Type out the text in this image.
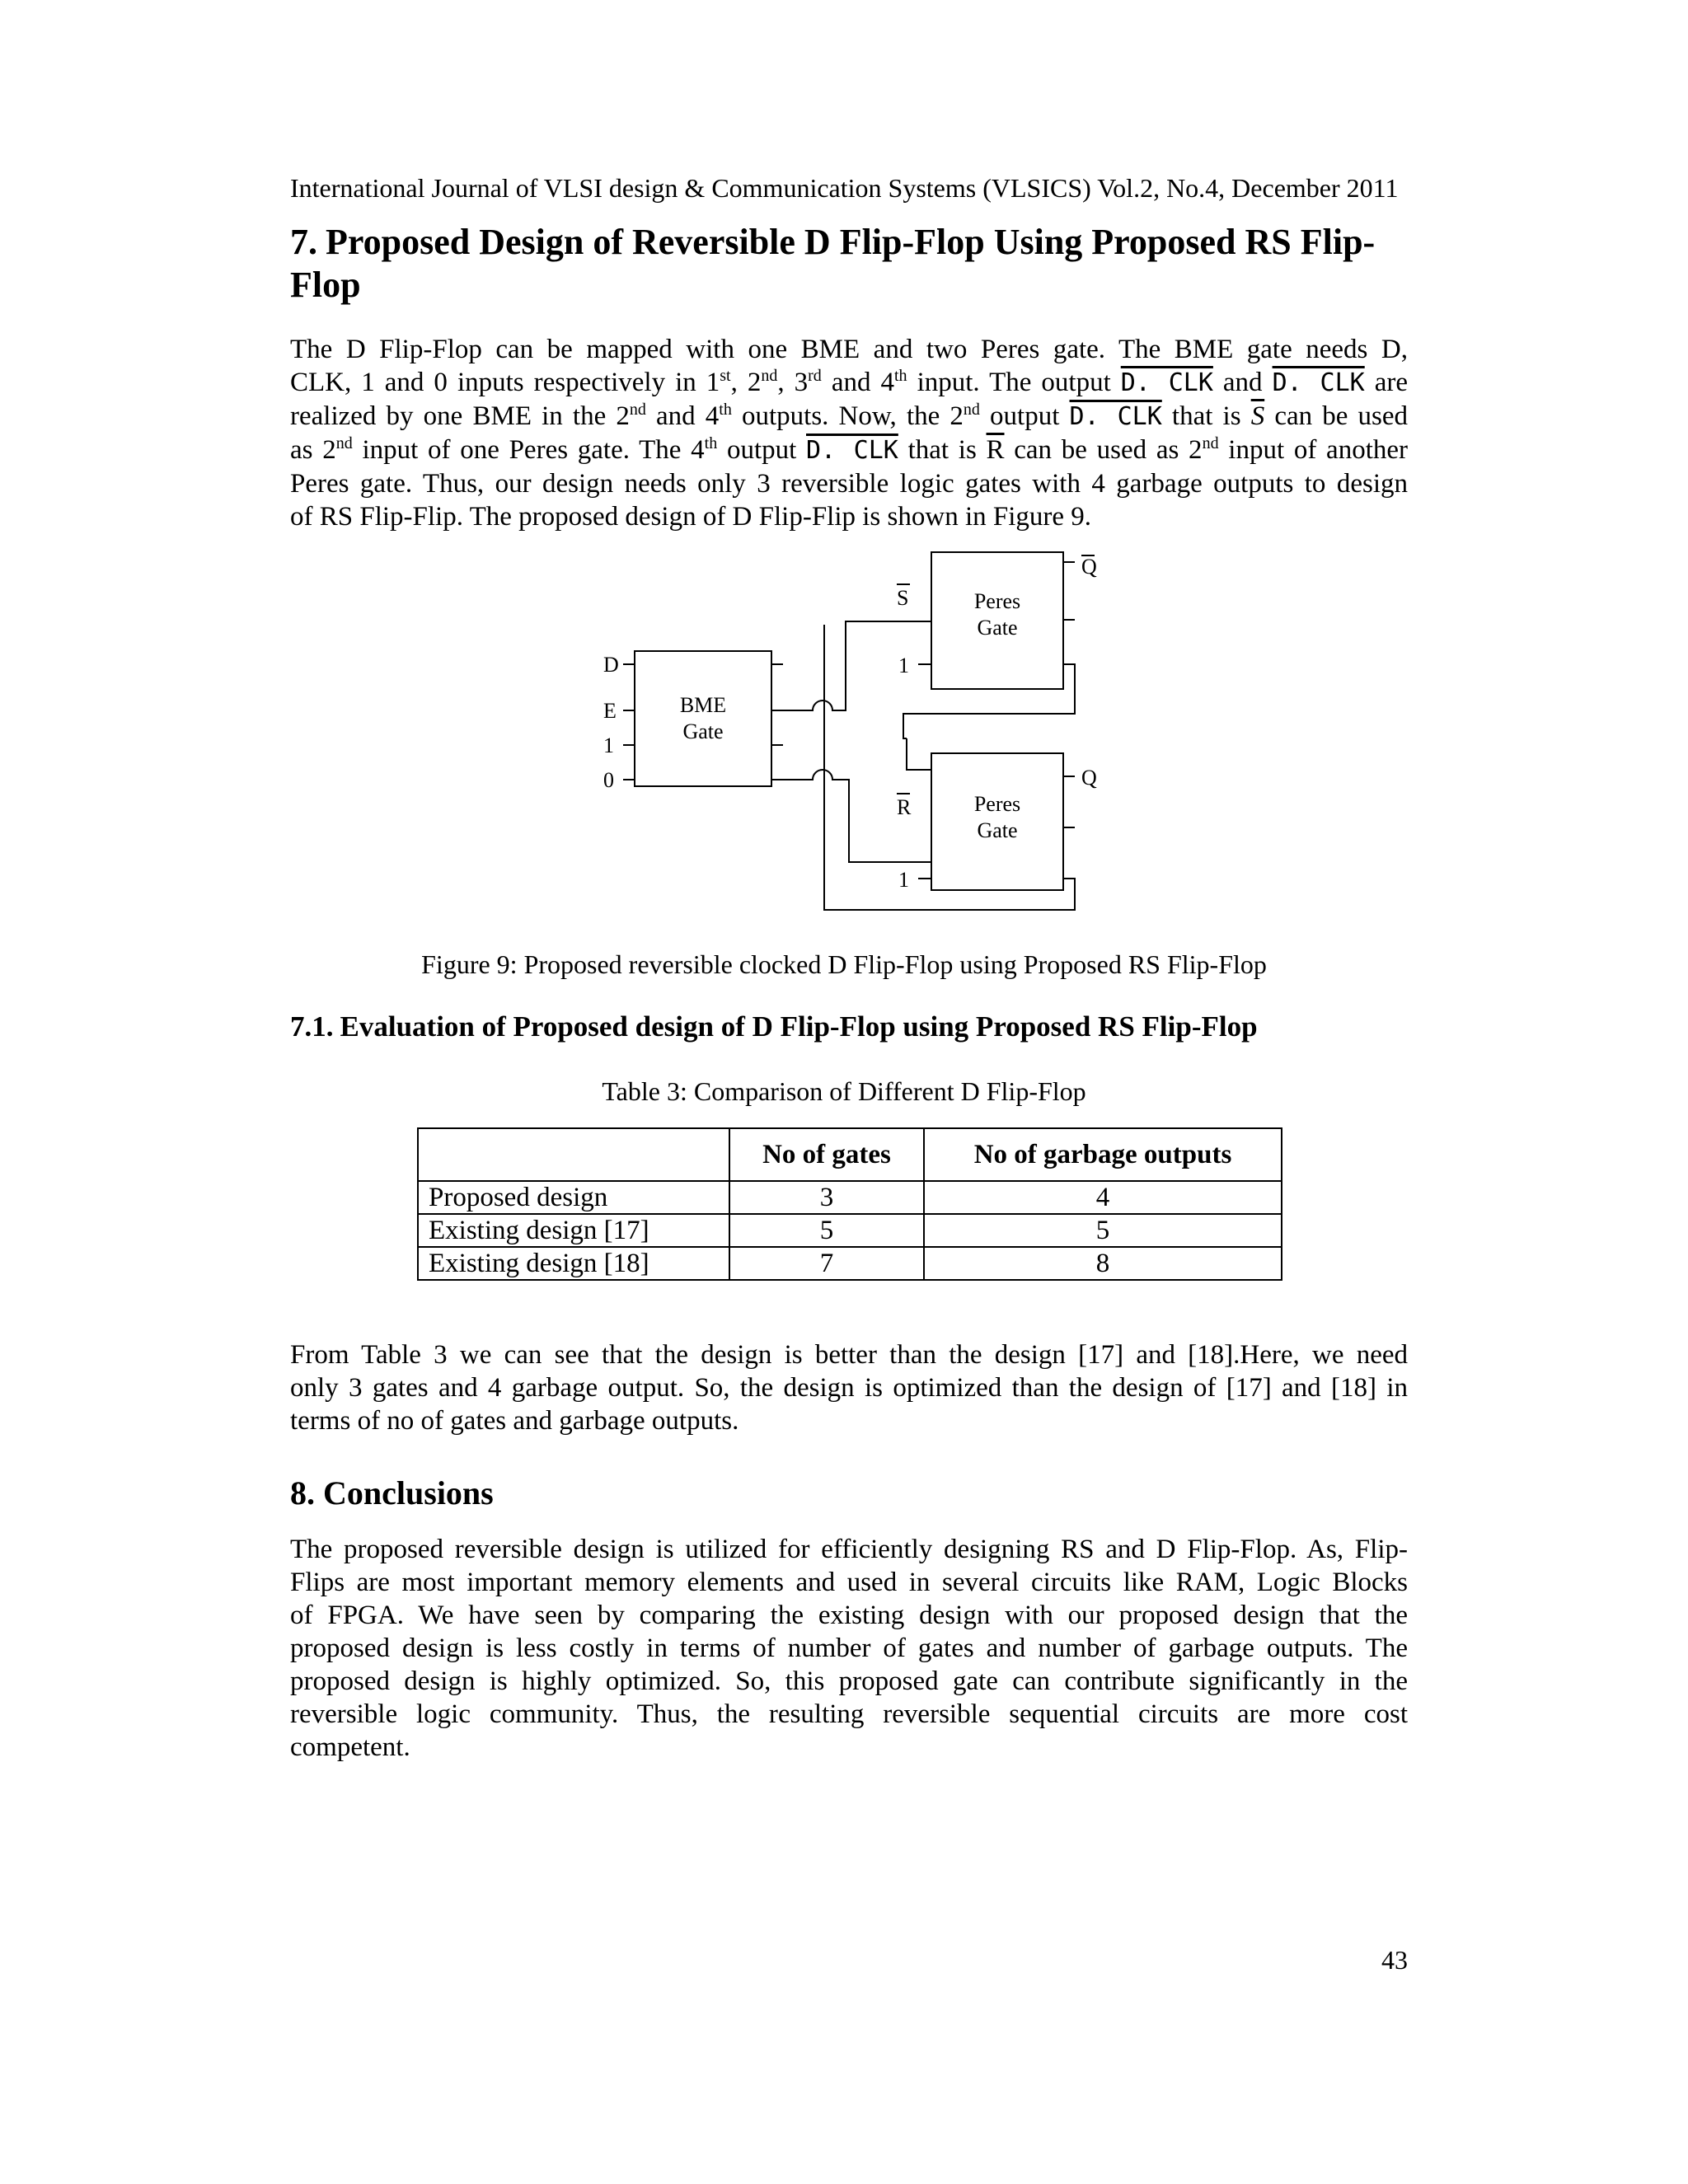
International Journal of VLSI design & Communication Systems (VLSICS) Vol.2, No.4, December 2011
7. Proposed Design of Reversible D Flip-Flop Using Proposed RS Flip-
Flop
The D Flip-Flop can be mapped with one BME and two Peres gate. The BME gate needs D,
CLK, 1 and 0 inputs respectively in 1st, 2nd, 3rd and 4th input. The output D. CLK and D. CLK are
realized by one BME in the 2nd and 4th outputs. Now, the 2nd output D. CLK that is $\overline{S}$ can be used
as 2nd input of one Peres gate. The 4th output D. CLK that is $\overline{R}$ can be used as 2nd input of another
Peres gate. Thus, our design needs only 3 reversible logic gates with 4 garbage outputs to design
of RS Flip-Flip. The proposed design of D Flip-Flip is shown in Figure 9.
BME
Gate
D
E
1
0
Peres
Gate
S
1
Q
Peres
Gate
R
1
Q
Figure 9: Proposed reversible clocked D Flip-Flop using Proposed RS Flip-Flop
7.1. Evaluation of Proposed design of D Flip-Flop using Proposed RS Flip-Flop
Table 3: Comparison of Different D Flip-Flop
	No of gates	No of garbage outputs
Proposed design	3	4
Existing design [17]	5	5
Existing design [18]	7	8
From Table 3 we can see that the design is better than the design [17] and [18].Here, we need
only 3 gates and 4 garbage output. So, the design is optimized than the design of [17] and [18] in
terms of no of gates and garbage outputs.
8. Conclusions
The proposed reversible design is utilized for efficiently designing RS and D Flip-Flop. As, Flip-
Flips are most important memory elements and used in several circuits like RAM, Logic Blocks
of FPGA. We have seen by comparing the existing design with our proposed design that the
proposed design is less costly in terms of number of gates and number of garbage outputs. The
proposed design is highly optimized. So, this proposed gate can contribute significantly in the
reversible logic community. Thus, the resulting reversible sequential circuits are more cost
competent.
43
